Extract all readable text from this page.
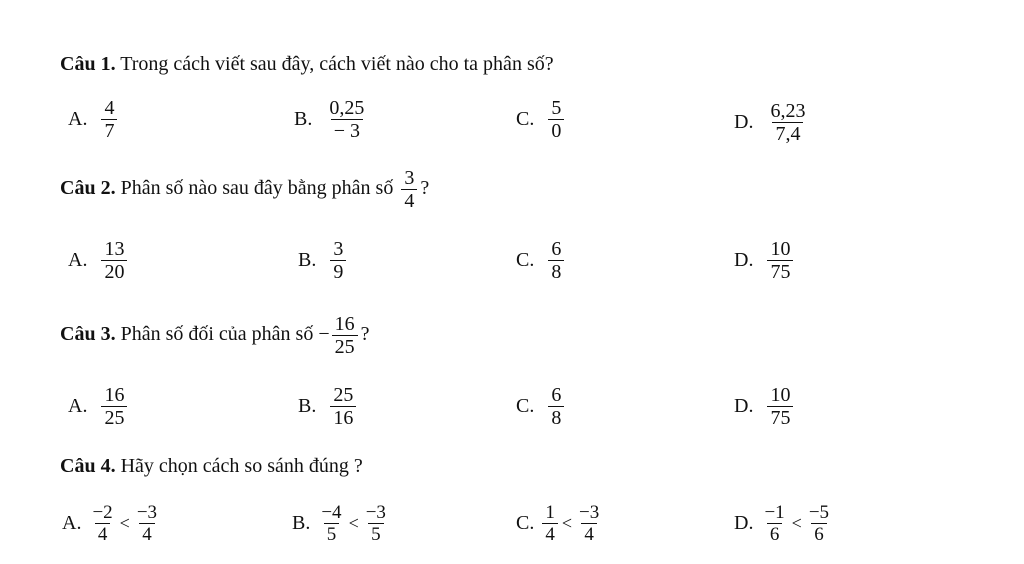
Câu 1. Trong cách viết sau đây, cách viết nào cho ta phân số?
A. $\frac{4}{7}$	B. $\frac{0,25}{- 3}$	C. $\frac{5}{0}$	D. $\frac{6,23}{7,4}$
Câu 2. Phân số nào sau đây bằng phân số $\frac{3}{4}$ ?
A. $\frac{13}{20}$	B. $\frac{3}{9}$	C. $\frac{6}{8}$	D. $\frac{10}{75}$
Câu 3. Phân số đối của phân số − $\frac{16}{25}$ ?
A. $\frac{16}{25}$	B. $\frac{25}{16}$	C. $\frac{6}{8}$	D. $\frac{10}{75}$
Câu 4. Hãy chọn cách so sánh đúng ?
A. $\frac{-2}{4} < \frac{-3}{4}$	B. $\frac{-4}{5} < \frac{-3}{5}$	C. $\frac{1}{4} < \frac{-3}{4}$	D. $\frac{-1}{6} < \frac{-5}{6}$
